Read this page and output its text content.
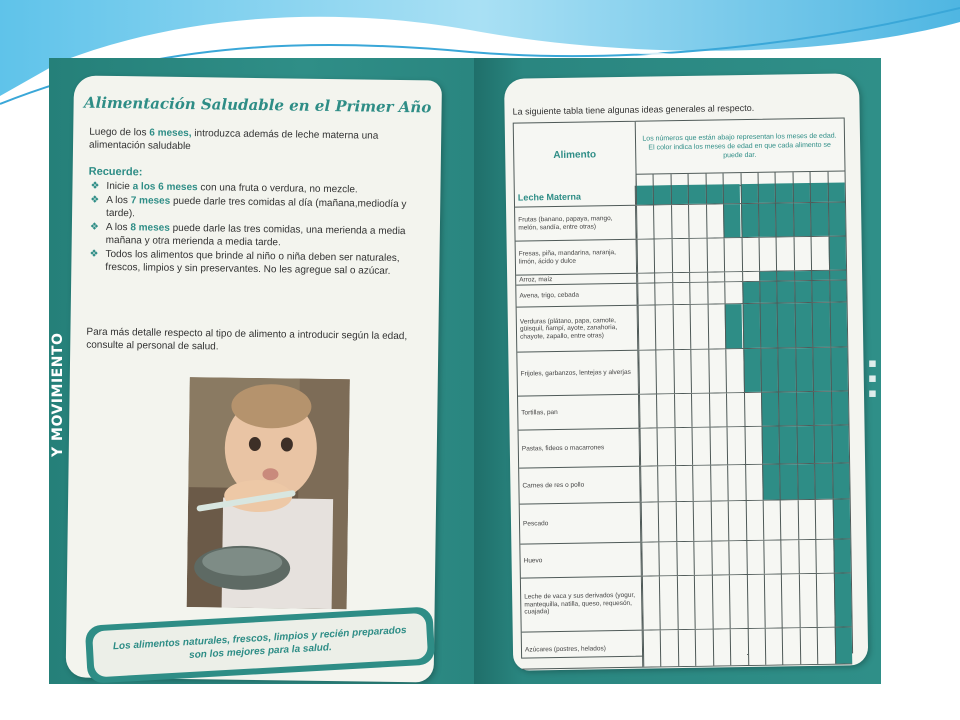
Y MOVIMIENTO	▪▪▪
Alimentación Saludable en el Primer Año
Luego de los 6 meses, introduzca además de leche materna una alimentación saludable
Recuerde:
❖ Inicie a los 6 meses con una fruta o verdura, no mezcle.
❖ A los 7 meses puede darle tres comidas al día (mañana,mediodía y tarde).
❖ A los 8 meses puede darle las tres comidas, una merienda a media mañana y otra merienda a media tarde.
❖ Todos los alimentos que brinde al niño o niña deben ser naturales, frescos, limpios y sin preservantes. No les agregue sal o azúcar.
Para más detalle respecto al tipo de alimento a introducir según la edad, consulte al personal de salud.
Los alimentos naturales, frescos, limpios y recién preparados son los mejores para la salud.
La siguiente tabla tiene algunas ideas generales al respecto.
Alimento
Los números que están abajo representan los meses de edad. El color indica los meses de edad en que cada alimento se puede dar.
Leche Materna
Frutas (banano, papaya, mango, melón, sandía, entre otras)
Fresas, piña, mandarina, naranja, limón, ácido y dulce
Arroz, maíz
Avena, trigo, cebada
Verduras (plátano, papa, camote, güisquil, ñampí, ayote, zanahoria, chayote, zapallo, entre otras)
Frijoles, garbanzos, lentejas y alverjas
Tortillas, pan
Pastas, fideos o macarrones
Carnes de res o pollo
Pescado
Huevo
Leche de vaca y sus derivados (yogur, mantequilla, natilla, queso, requesón, cuajada)
Azúcares (postres, helados)
